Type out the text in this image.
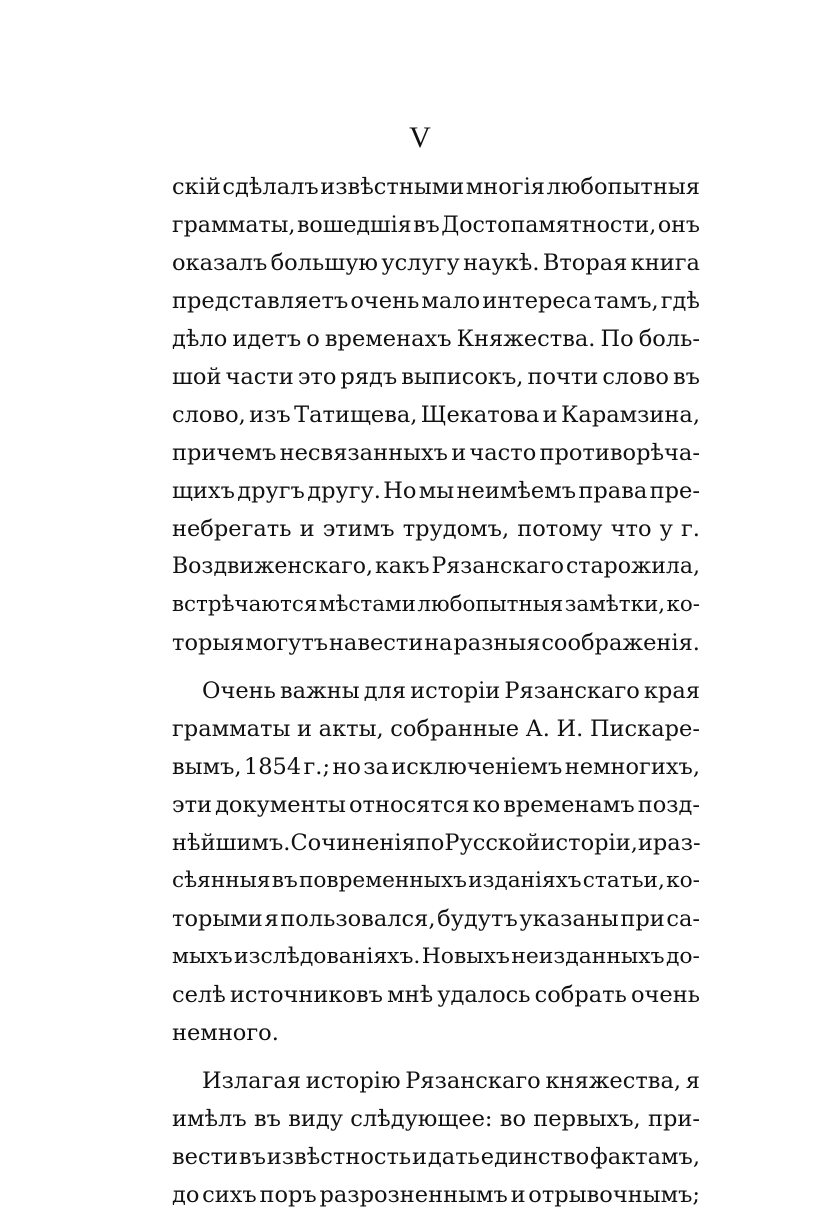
V
скій сдѣлалъ извѣстными многія любопытныя
грамматы, вошедшія въ Достопамятности, онъ
оказалъ большую услугу наукѣ. Вторая книга
представляетъ очень мало интереса тамъ, гдѣ
дѣло идетъ о временахъ Княжества. По боль-
шой части это рядъ выписокъ, почти слово въ
слово, изъ Татищева, Щекатова и Карамзина,
причемъ несвязанныхъ и часто противорѣча-
щихъ другъ другу. Но мы неимѣемъ права пре-
небрегать и этимъ трудомъ, потому что у г.
Воздвиженскаго, какъ Рязанскаго старожила,
встрѣчаются мѣстами любопытныя замѣтки, ко-
торыя могутъ навести на разныя соображенія.
Очень важны для исторіи Рязанскаго края
грамматы и акты, собранные А. И. Пискаре-
вымъ, 1854 г.; но за исключеніемъ немногихъ,
эти документы относятся ко временамъ позд-
нѣйшимъ. Сочиненія по Русской исторіи, и раз-
сѣянныя въ повременныхъ изданіяхъ статьи, ко-
торыми я пользовался, будутъ указаны при са-
мыхъ изслѣдованіяхъ. Новыхъ неизданныхъ до-
селѣ источниковъ мнѣ удалось собрать очень
немного.
Излагая исторію Рязанскаго княжества, я
имѣлъ въ виду слѣдующее: во первыхъ, при-
вести въ извѣстность и дать единство фактамъ,
до сихъ поръ разрозненнымъ и отрывочнымъ;
